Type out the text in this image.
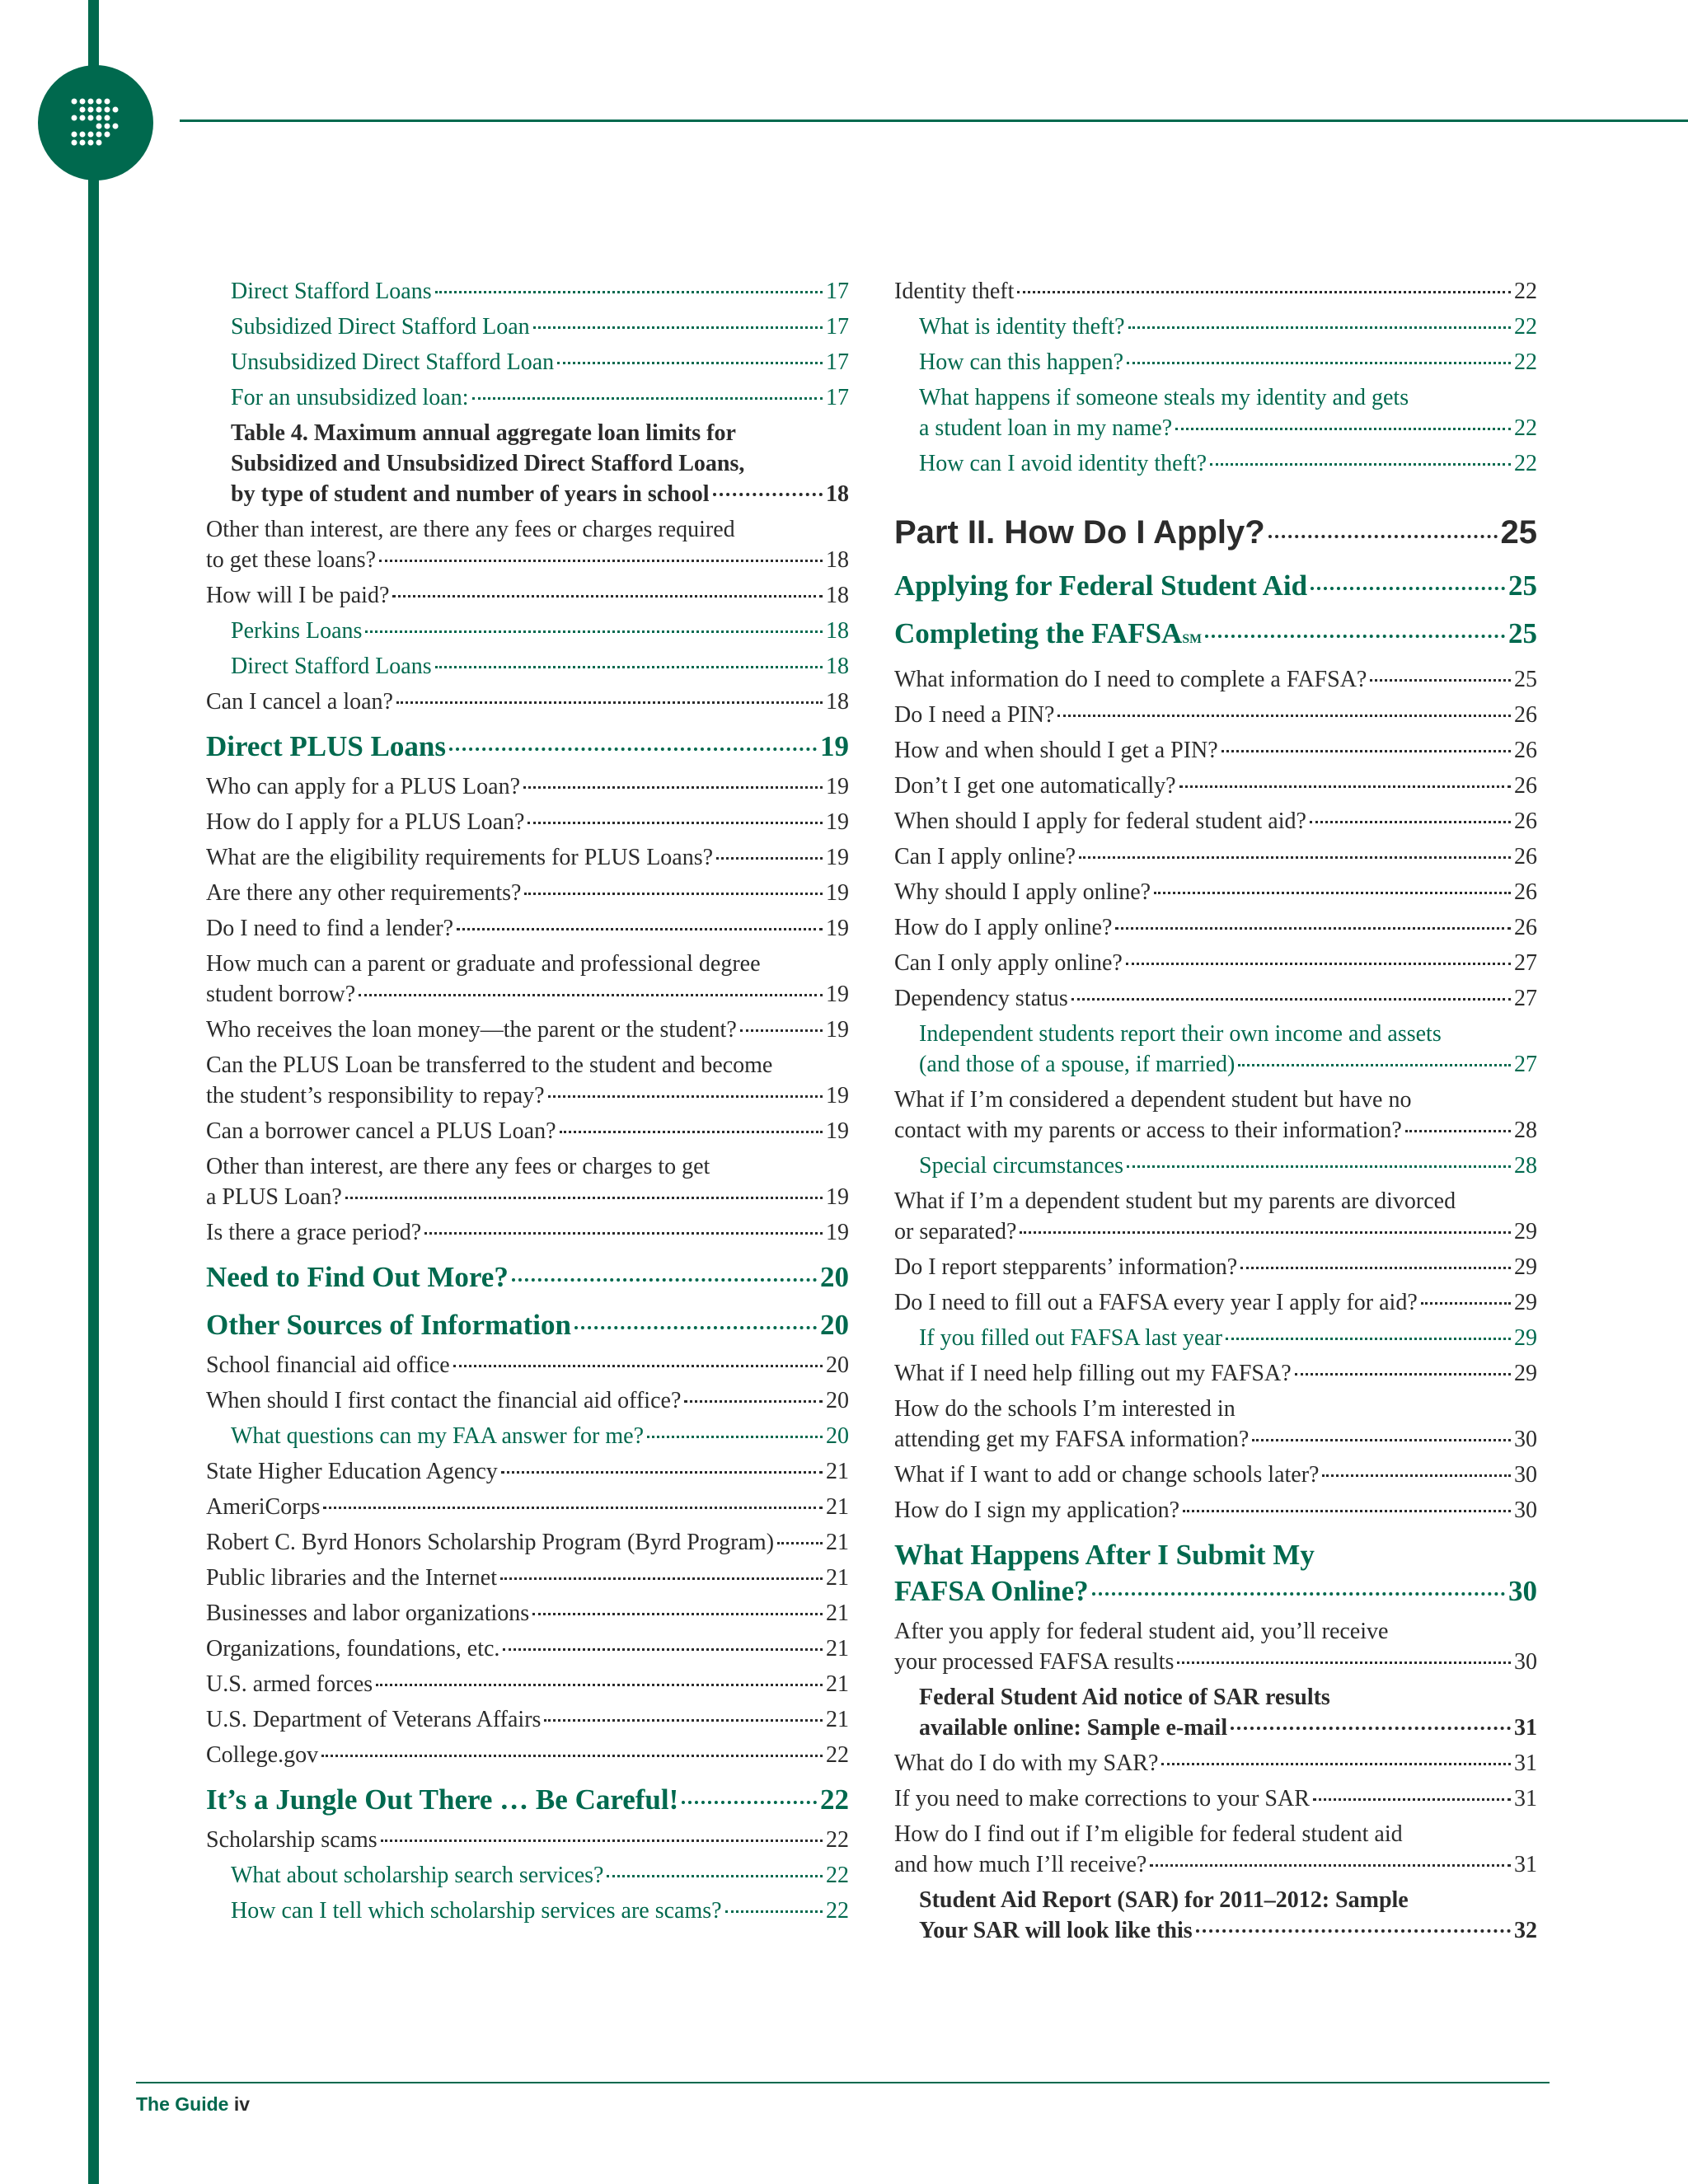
Direct Stafford Loans	17
Subsidized Direct Stafford Loan	17
Unsubsidized Direct Stafford Loan	17
For an unsubsidized loan:	17
Table 4. Maximum annual aggregate loan limits for
Subsidized and Unsubsidized Direct Stafford Loans,
by type of student and number of years in school	18
Other than interest, are there any fees or charges required
to get these loans?	18
How will I be paid?	18
Perkins Loans	18
Direct Stafford Loans	18
Can I cancel a loan?	18
Direct PLUS Loans	19
Who can apply for a PLUS Loan?	19
How do I apply for a PLUS Loan?	19
What are the eligibility requirements for PLUS Loans?	19
Are there any other requirements?	19
Do I need to find a lender?	19
How much can a parent or graduate and professional degree
student borrow?	19
Who receives the loan money—the parent or the student?	19
Can the PLUS Loan be transferred to the student and become
the student’s responsibility to repay?	19
Can a borrower cancel a PLUS Loan?	19
Other than interest, are there any fees or charges to get
a PLUS Loan?	19
Is there a grace period?	19
Need to Find Out More?	20
Other Sources of Information	20
School financial aid office	20
When should I first contact the financial aid office?	20
What questions can my FAA answer for me?	20
State Higher Education Agency	21
AmeriCorps	21
Robert C. Byrd Honors Scholarship Program (Byrd Program) 21
Public libraries and the Internet	21
Businesses and labor organizations	21
Organizations, foundations, etc.	21
U.S. armed forces	21
U.S. Department of Veterans Affairs	21
College.gov	22
It’s a Jungle Out There … Be Careful!	22
Scholarship scams	22
What about scholarship search services?	22
How can I tell which scholarship services are scams?	22
Identity theft	22
What is identity theft?	22
How can this happen?	22
What happens if someone steals my identity and gets
a student loan in my name?	22
How can I avoid identity theft?	22
Part II. How Do I Apply?	25
Applying for Federal Student Aid	25
Completing the $FAFSA_{SM}$	25
What information do I need to complete a FAFSA?	25
Do I need a PIN?	26
How and when should I get a PIN?	26
Don’t I get one automatically?	26
When should I apply for federal student aid?	26
Can I apply online?	26
Why should I apply online?	26
How do I apply online?	26
Can I only apply online?	27
Dependency status	27
Independent students report their own income and assets
(and those of a spouse, if married)	27
What if I’m considered a dependent student but have no
contact with my parents or access to their information?	28
Special circumstances	28
What if I’m a dependent student but my parents are divorced
or separated?	29
Do I report stepparents’ information?	29
Do I need to fill out a FAFSA every year I apply for aid?	29
If you filled out FAFSA last year	29
What if I need help filling out my FAFSA?	29
How do the schools I’m interested in
attending get my FAFSA information?	30
What if I want to add or change schools later?	30
How do I sign my application?	30
What Happens After I Submit My
FAFSA Online?	30
After you apply for federal student aid, you’ll receive
your processed FAFSA results	30
Federal Student Aid notice of SAR results
available online: Sample e-mail	31
What do I do with my SAR?	31
If you need to make corrections to your SAR	31
How do I find out if I’m eligible for federal student aid
and how much I’ll receive?	31
Student Aid Report (SAR) for 2011–2012: Sample
Your SAR will look like this	32
The Guide iv
